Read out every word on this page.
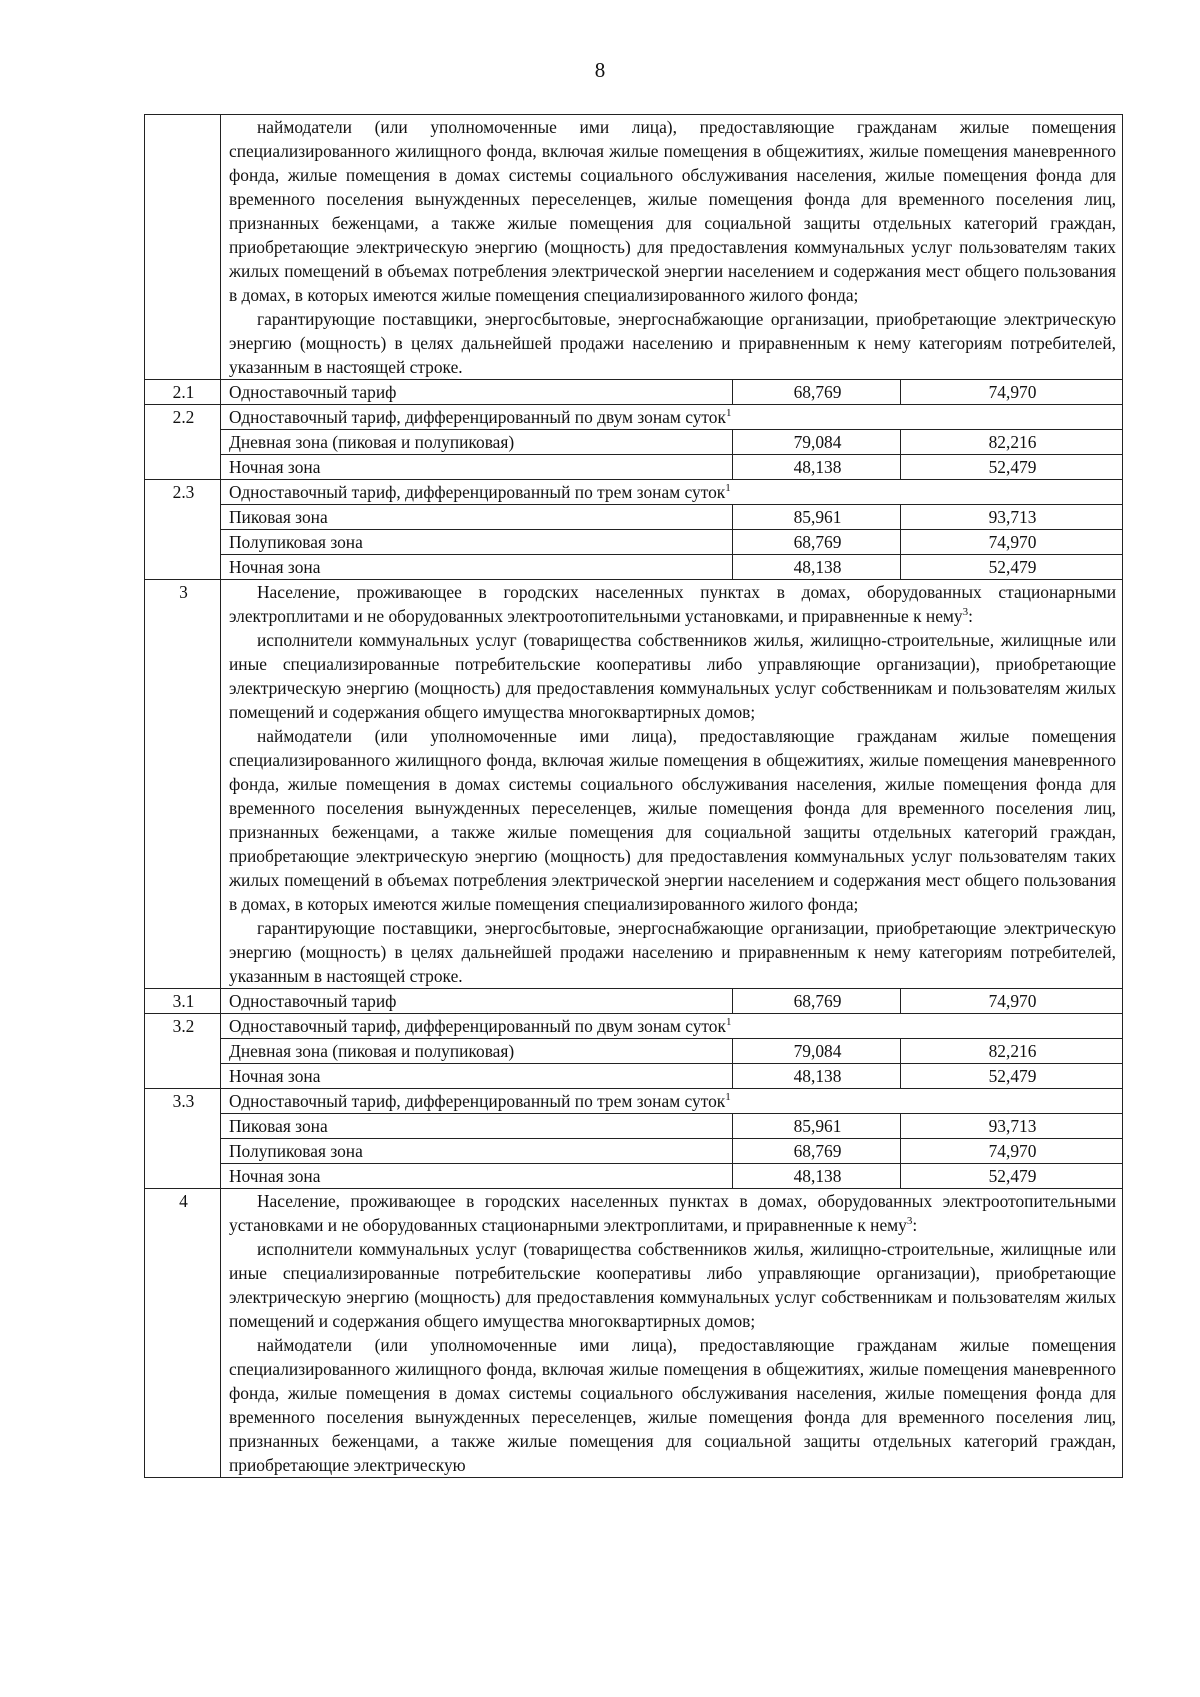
8

	наймодатели (или уполномоченные ими лица), предоставляющие гражданам жилые помещения специализированного жилищного фонда, включая жилые помещения в общежитиях, жилые помещения маневренного фонда, жилые помещения в домах системы социального обслуживания населения, жилые помещения фонда для временного поселения вынужденных переселенцев, жилые помещения фонда для временного поселения лиц, признанных беженцами, а также жилые помещения для социальной защиты отдельных категорий граждан, приобретающие электрическую энергию (мощность) для предоставления коммунальных услуг пользователям таких жилых помещений в объемах потребления электрической энергии населением и содержания мест общего пользования в домах, в которых имеются жилые помещения специализированного жилого фонда;

гарантирующие поставщики, энергосбытовые, энергоснабжающие организации, приобретающие электрическую энергию (мощность) в целях дальнейшей продажи населению и приравненным к нему категориям потребителей, указанным в настоящей строке.		

2.1	Одноставочный тариф	68,769	74,970
2.2	Одноставочный тариф, дифференцированный по двум зонам суток$^1$
	Дневная зона (пиковая и полупиковая)	79,084	82,216
	Ночная зона	48,138	52,479
2.3	Одноставочный тариф, дифференцированный по трем зонам суток$^1$
	Пиковая зона	85,961	93,713
	Полупиковая зона	68,769	74,970
	Ночная зона	48,138	52,479
3	Население, проживающее в городских населенных пунктах в домах, оборудованных стационарными электроплитами и не оборудованных электроотопительными установками, и приравненные к нему$^3$:

исполнители коммунальных услуг (товарищества собственников жилья, жилищно-строительные, жилищные или иные специализированные потребительские кооперативы либо управляющие организации), приобретающие электрическую энергию (мощность) для предоставления коммунальных услуг собственникам и пользователям жилых помещений и содержания общего имущества многоквартирных домов;

наймодатели (или уполномоченные ими лица), предоставляющие гражданам жилые помещения специализированного жилищного фонда, включая жилые помещения в общежитиях, жилые помещения маневренного фонда, жилые помещения в домах системы социального обслуживания населения, жилые помещения фонда для временного поселения вынужденных переселенцев, жилые помещения фонда для временного поселения лиц, признанных беженцами, а также жилые помещения для социальной защиты отдельных категорий граждан, приобретающие электрическую энергию (мощность) для предоставления коммунальных услуг пользователям таких жилых помещений в объемах потребления электрической энергии населением и содержания мест общего пользования в домах, в которых имеются жилые помещения специализированного жилого фонда;

гарантирующие поставщики, энергосбытовые, энергоснабжающие организации, приобретающие электрическую энергию (мощность) в целях дальнейшей продажи населению и приравненным к нему категориям потребителей, указанным в настоящей строке.		

3.1	Одноставочный тариф	68,769	74,970
3.2	Одноставочный тариф, дифференцированный по двум зонам суток$^1$
	Дневная зона (пиковая и полупиковая)	79,084	82,216
	Ночная зона	48,138	52,479
3.3	Одноставочный тариф, дифференцированный по трем зонам суток$^1$
	Пиковая зона	85,961	93,713
	Полупиковая зона	68,769	74,970
	Ночная зона	48,138	52,479
4	Население, проживающее в городских населенных пунктах в домах, оборудованных электроотопительными установками и не оборудованных стационарными электроплитами, и приравненные к нему$^3$:

исполнители коммунальных услуг (товарищества собственников жилья, жилищно-строительные, жилищные или иные специализированные потребительские кооперативы либо управляющие организации), приобретающие электрическую энергию (мощность) для предоставления коммунальных услуг собственникам и пользователям жилых помещений и содержания общего имущества многоквартирных домов;

наймодатели (или уполномоченные ими лица), предоставляющие гражданам жилые помещения специализированного жилищного фонда, включая жилые помещения в общежитиях, жилые помещения маневренного фонда, жилые помещения в домах системы социального обслуживания населения, жилые помещения фонда для временного поселения вынужденных переселенцев, жилые помещения фонда для временного поселения лиц, признанных беженцами, а также жилые помещения для социальной защиты отдельных категорий граждан, приобретающие электрическую		
